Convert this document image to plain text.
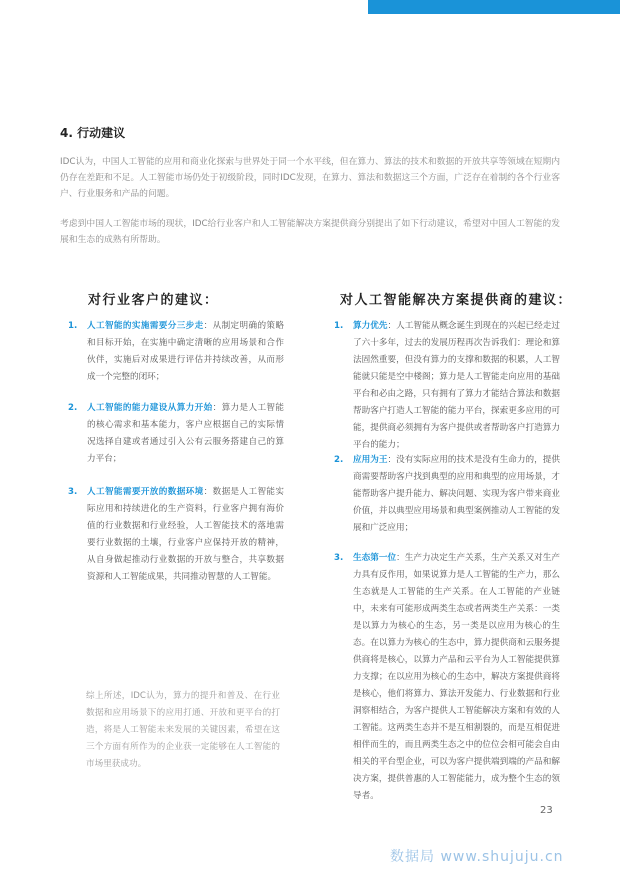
4. 行动建议
IDC认为，中国人工智能的应用和商业化探索与世界处于同一个水平线，但在算力、算法的技术和数据的开放共享等领域在短期内仍存在差距和不足。人工智能市场仍处于初级阶段，同时IDC发现，在算力、算法和数据这三个方面，广泛存在着制约各个行业客户、行业服务和产品的问题。
考虑到中国人工智能市场的现状，IDC给行业客户和人工智能解决方案提供商分别提出了如下行动建议，希望对中国人工智能的发展和生态的成熟有所帮助。
对行业客户的建议：
1. 人工智能的实施需要分三步走：从制定明确的策略和目标开始，在实施中确定清晰的应用场景和合作伙伴，实施后对成果进行评估并持续改善，从而形成一个完整的闭环；
2. 人工智能的能力建设从算力开始：算力是人工智能的核心需求和基本能力，客户应根据自己的实际情况选择自建或者通过引入公有云服务搭建自己的算力平台；
3. 人工智能需要开放的数据环境：数据是人工智能实际应用和持续进化的生产资料，行业客户拥有海价值的行业数据和行业经验，人工智能技术的落地需要行业数据的土壤，行业客户应保持开放的精神，从自身做起推动行业数据的开放与整合，共享数据资源和人工智能成果，共同推动智慧的人工智能。
综上所述，IDC认为，算力的提升和普及、在行业数据和应用场景下的应用打通、开放和更平台的打造，将是人工智能未来发展的关键因素，希望在这三个方面有所作为的企业获一定能够在人工智能的市场里获成功。
对人工智能解决方案提供商的建议：
1. 算力优先：人工智能从概念诞生到现在的兴起已经走过了六十多年，过去的发展历程再次告诉我们：理论和算法固然重要，但没有算力的支撑和数据的积累，人工智能就只能是空中楼阁；算力是人工智能走向应用的基础平台和必由之路，只有拥有了算力才能结合算法和数据帮助客户打造人工智能的能力平台，探索更多应用的可能，提供商必须拥有为客户提供或者帮助客户打造算力平台的能力；
2. 应用为王：没有实际应用的技术是没有生命力的，提供商需要帮助客户找到典型的应用和典型的应用场景，才能帮助客户提升能力、解决问题、实现为客户带来商业价值，并以典型应用场景和典型案例推动人工智能的发展和广泛应用；
3. 生态第一位：生产力决定生产关系，生产关系又对生产力具有反作用，如果说算力是人工智能的生产力，那么生态就是人工智能的生产关系。在人工智能的产业链中，未来有可能形成两类生态或者两类生产关系：一类是以算力为核心的生态，另一类是以应用为核心的生态。在以算力为核心的生态中，算力提供商和云服务提供商将是核心，以算力产品和云平台为人工智能提供算力支撑；在以应用为核心的生态中，解决方案提供商将是核心，他们将算力、算法开发能力、行业数据和行业洞察相结合，为客户提供人工智能解决方案和有效的人工智能。这两类生态并不是互相割裂的，而是互相促进相伴而生的，而且两类生态之中的位位会相可能会自由相关的平台型企业，可以为客户提供端到端的产品和解决方案，提供普惠的人工智能能力，成为整个生态的领导者。
23
数据局 www.shujuju.cn
